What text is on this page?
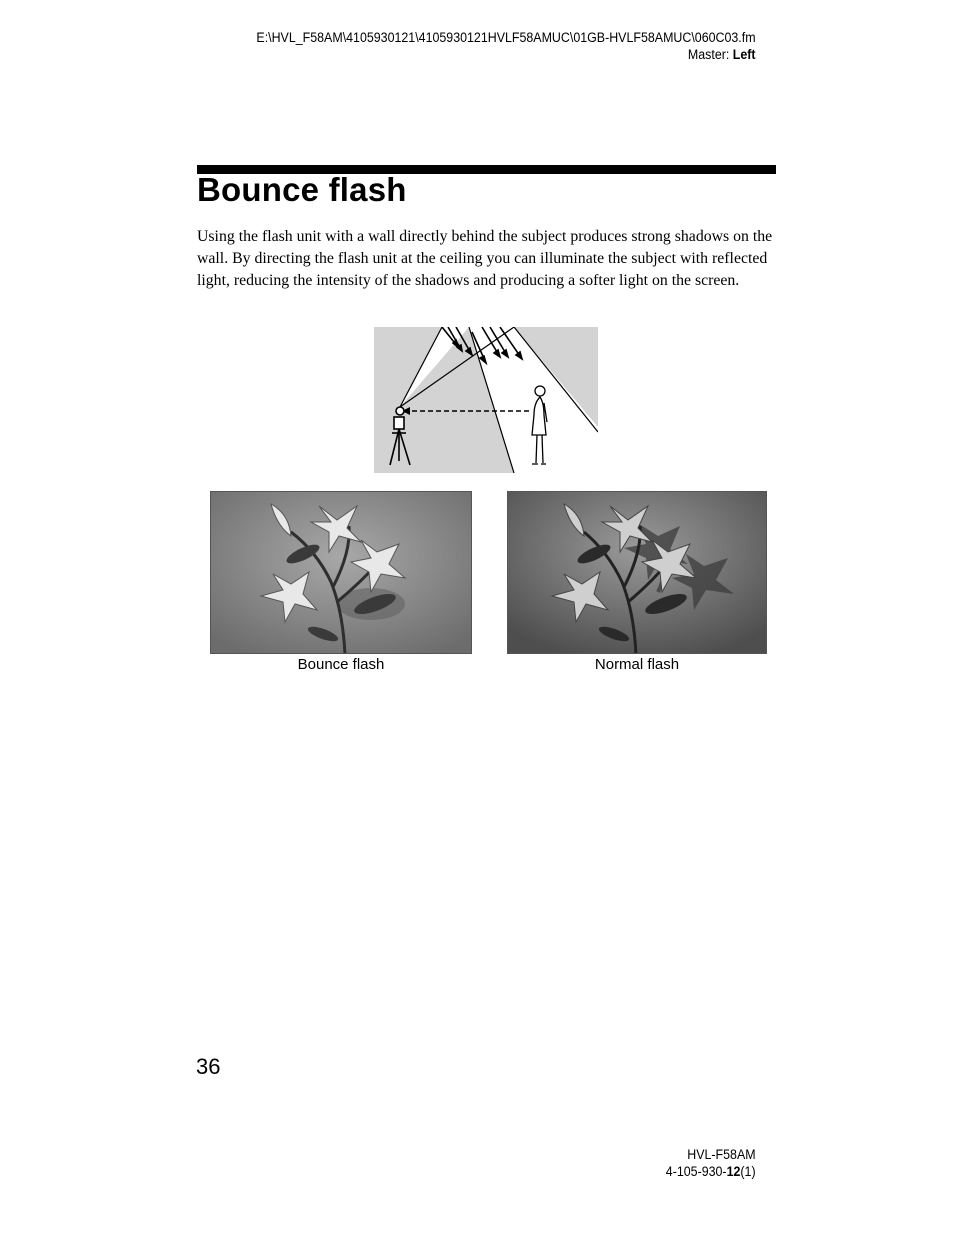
E:\HVL_F58AM\4105930121\4105930121HVLF58AMUC\01GB-HVLF58AMUC\060C03.fm
Master: Left
Bounce flash

Using the flash unit with a wall directly behind the subject produces strong shadows on the wall. By directing the flash unit at the ceiling you can illuminate the subject with reflected light, reducing the intensity of the shadows and producing a softer light on the screen.

Bounce flash	Normal flash
36
HVL-F58AM
4-105-930-12(1)
